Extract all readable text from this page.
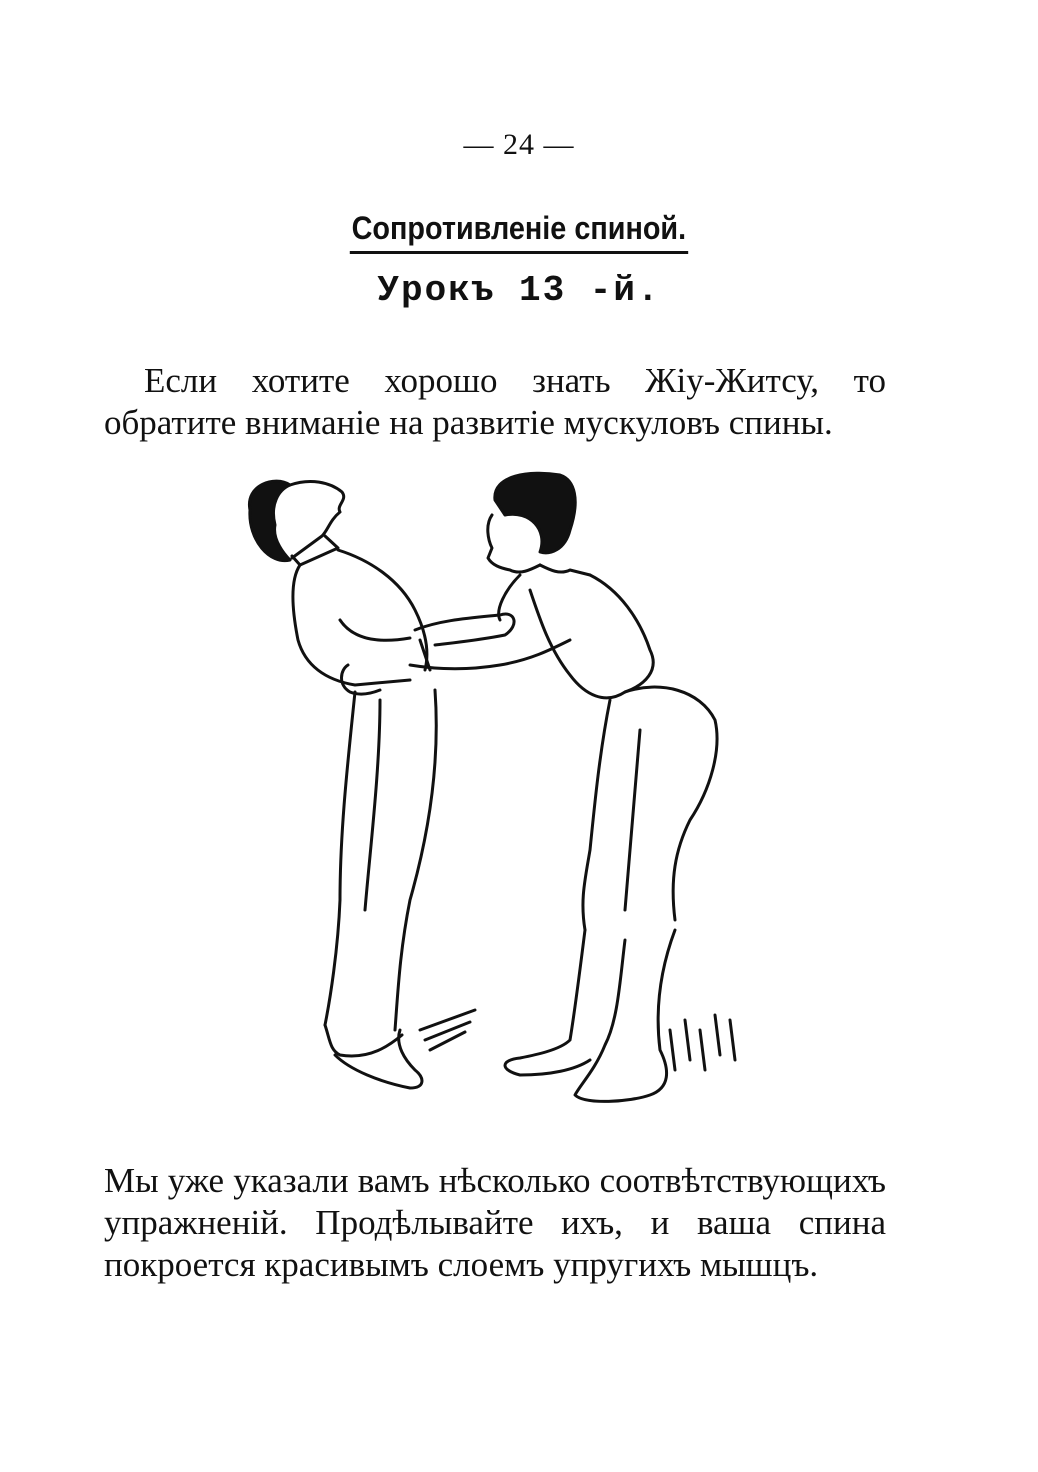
— 24 —
Сопротивленіе спиной.
Урокъ 13 -й.
Если хотите хорошо знать Жіу-Житсу, то обратите вниманіе на развитіе мускуловъ спины.
Мы уже указали вамъ нѣсколько соотвѣтствующихъ упражненій. Продѣлывайте ихъ, и ваша спина покроется красивымъ слоемъ упругихъ мышцъ.
